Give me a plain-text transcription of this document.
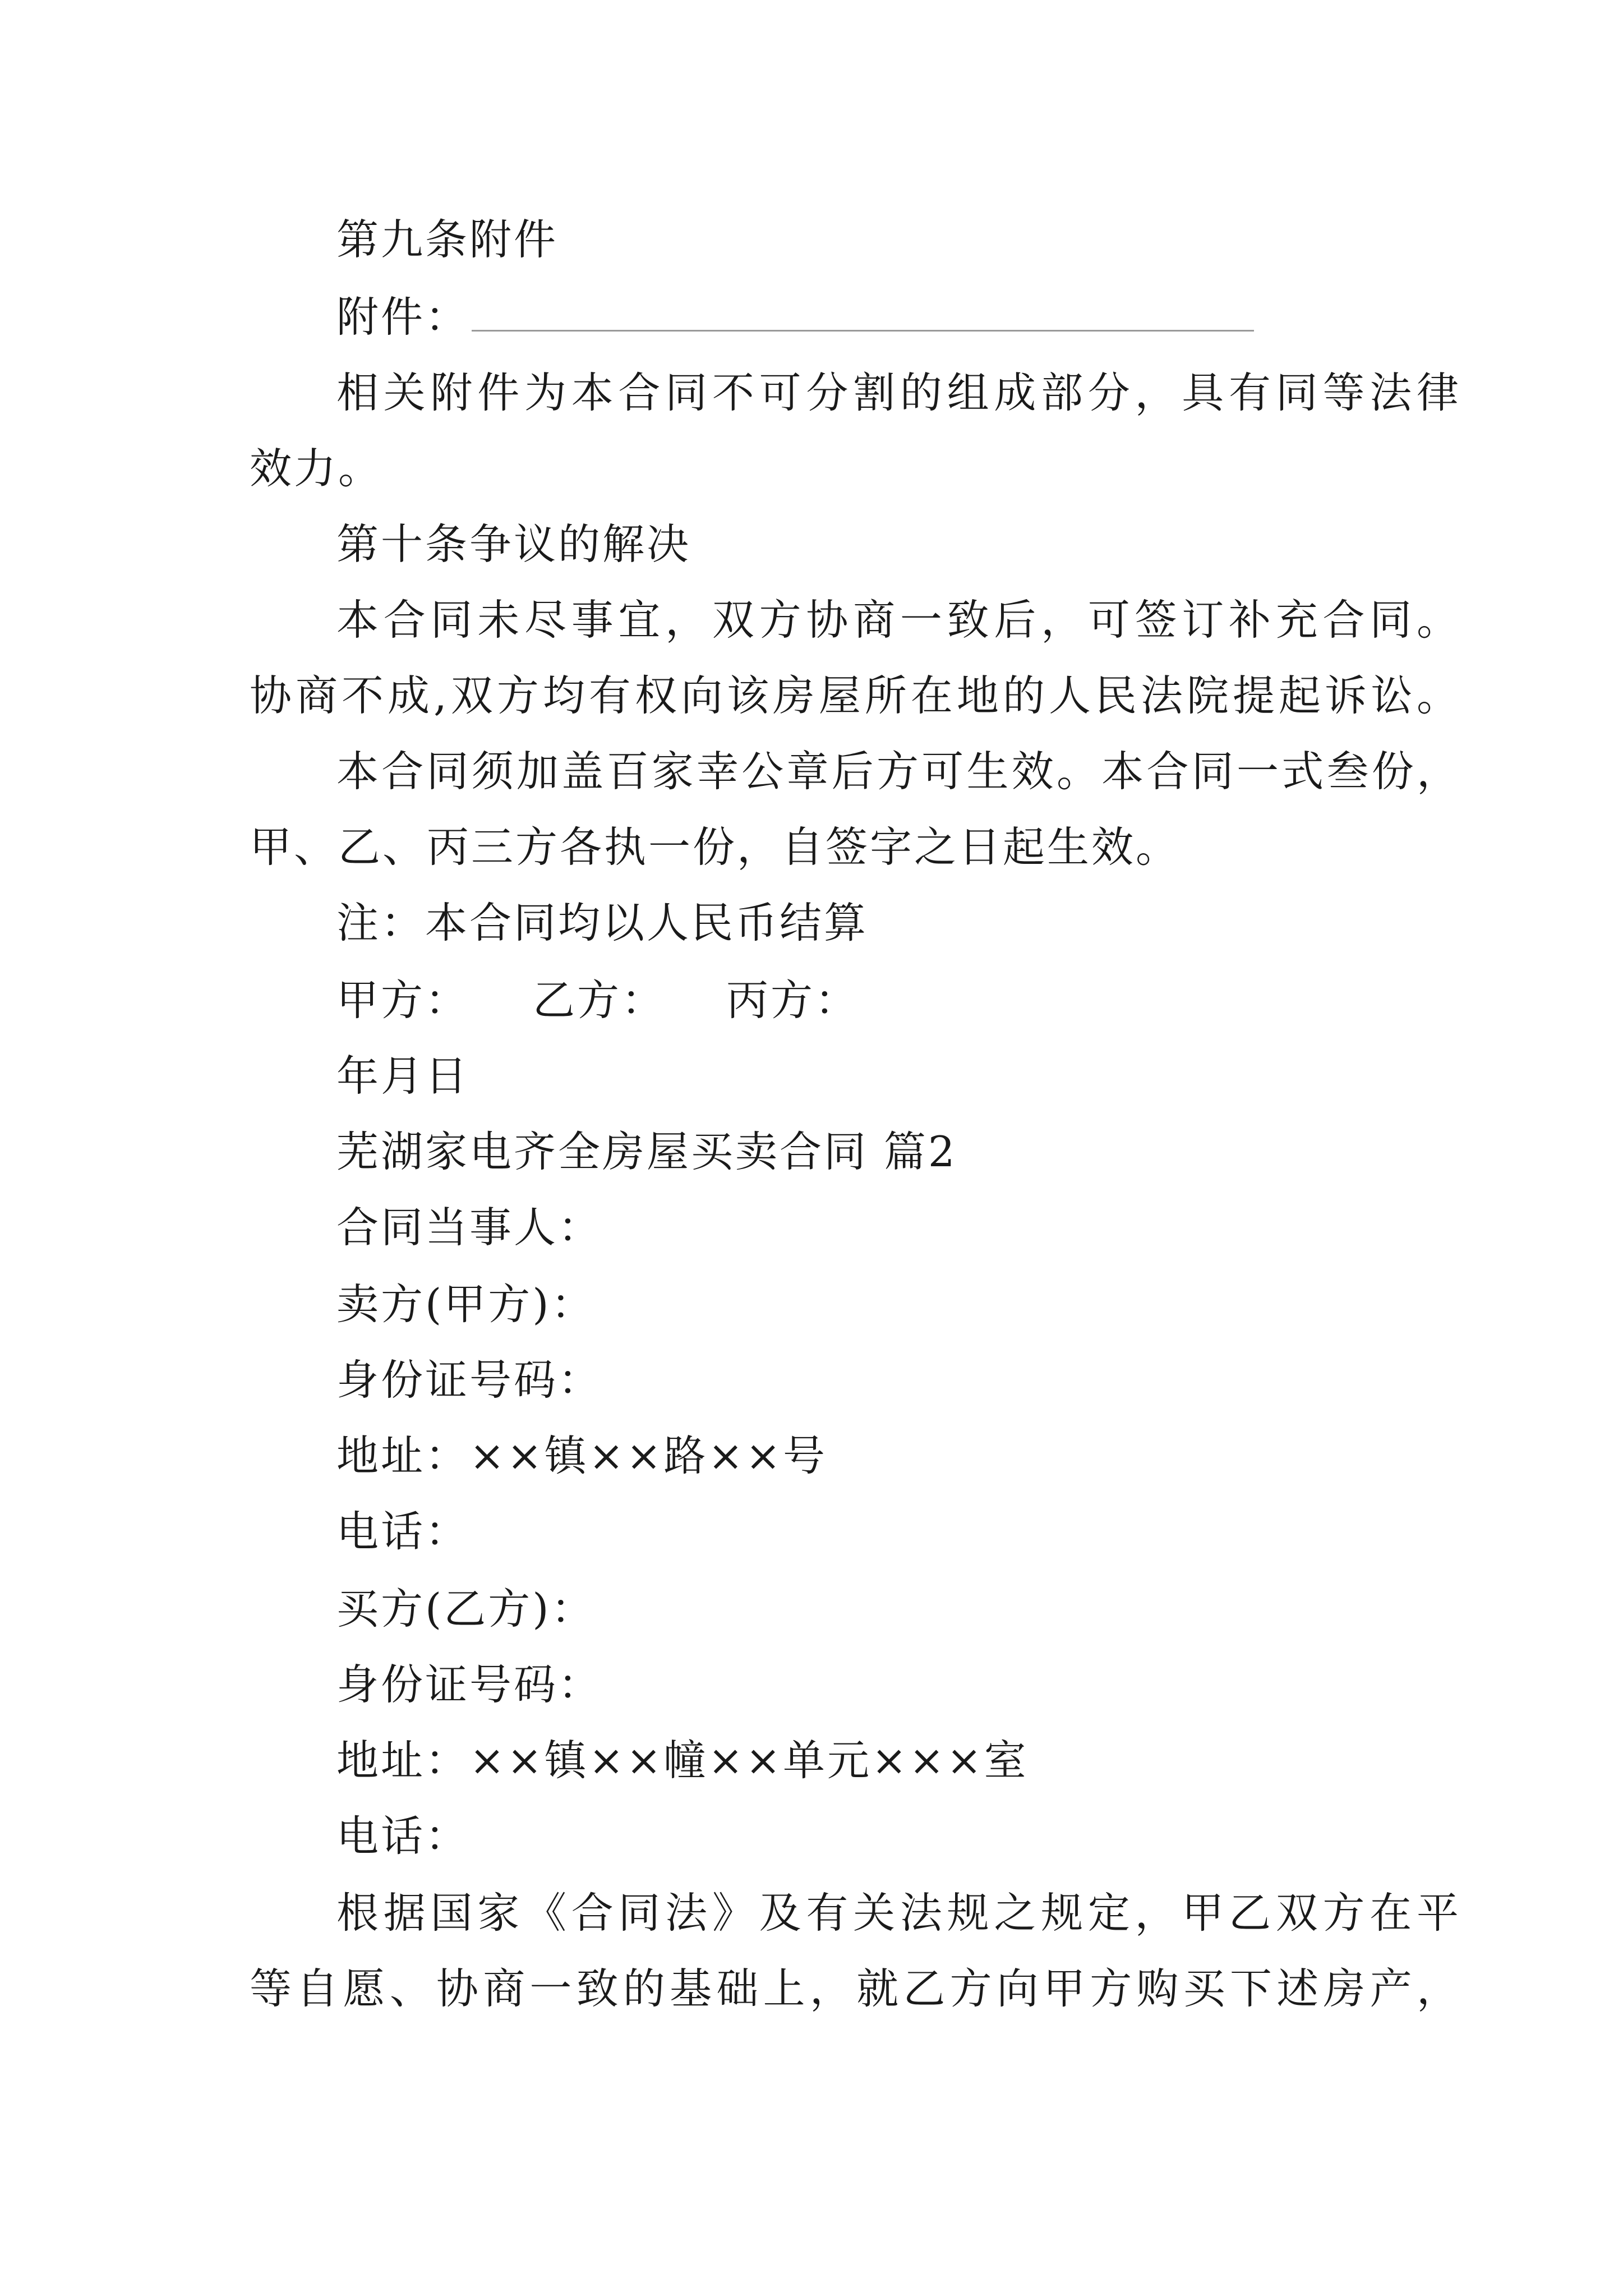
第九条附件
附件：
相关附件为本合同不可分割的组成部分，具有同等法律
效力。
第十条争议的解决
本合同未尽事宜，双方协商一致后，可签订补充合同。
协商不成,双方均有权向该房屋所在地的人民法院提起诉讼。
本合同须加盖百家幸公章后方可生效。本合同一式叁份，
甲、乙、丙三方各执一份，自签字之日起生效。
注：本合同均以人民币结算
甲方： 乙方： 丙方：
年月日
芜湖家电齐全房屋买卖合同 篇2
合同当事人：
卖方(甲方)：
身份证号码：
地址：××镇××路××号
电话：
买方(乙方)：
身份证号码：
地址：××镇××幢××单元×××室
电话：
根据国家《合同法》及有关法规之规定，甲乙双方在平
等自愿、协商一致的基础上，就乙方向甲方购买下述房产，
